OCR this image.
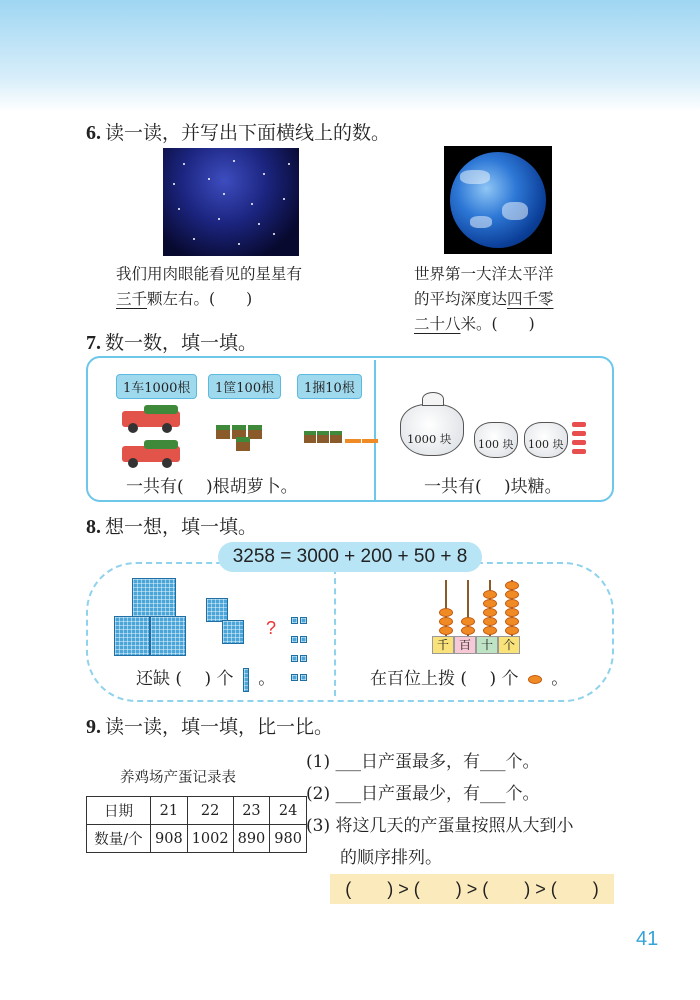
6. 读一读，并写出下面横线上的数。
我们用肉眼能看见的星星有
三千颗左右。(　　)
世界第一大洋太平洋
的平均深度达四千零
二十八米。(　　)
7. 数一数，填一填。
1车1000根	1筐100根	1捆10根
一共有(　 )根胡萝卜。
1000 块 100 块 100 块
一共有(　 )块糖。
8. 想一想，填一填。
3258 = 3000 + 200 + 50 + 8
?

还缺 (　 ) 个 。
千 百 十 个
在百位上拨 (　 ) 个 。
9. 读一读，填一填，比一比。
养鸡场产蛋记录表
日期	21	22	23	24
数量/个	908	1002	890	980
(1) ___日产蛋最多，有___个。
(2) ___日产蛋最少，有___个。
(3) 将这几天的产蛋量按照从大到小
的顺序排列。
(　　) > (　　) > (　　) > (　　)
41
